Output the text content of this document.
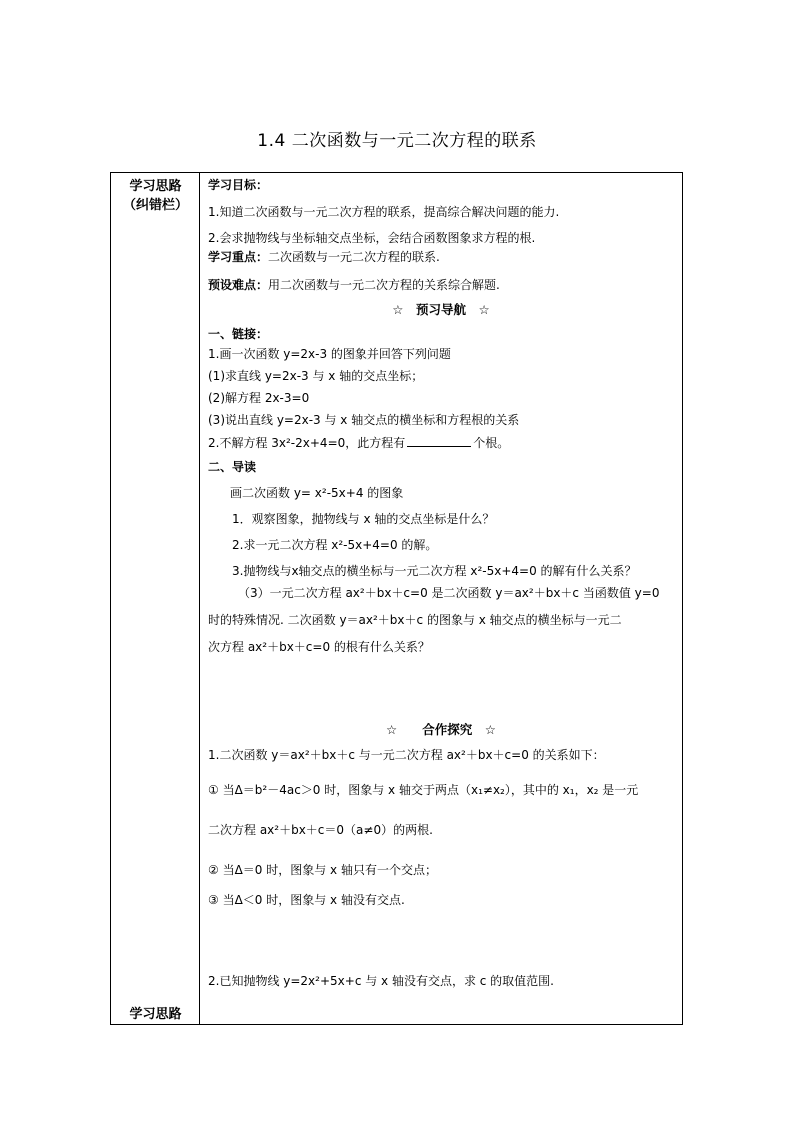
1.4 二次函数与一元二次方程的联系
学习思路
（纠错栏）
学习思路
学习目标：
1.知道二次函数与一元二次方程的联系，提高综合解决问题的能力.
2.会求抛物线与坐标轴交点坐标，会结合函数图象求方程的根.
学习重点：二次函数与一元二次方程的联系.
预设难点：用二次函数与一元二次方程的关系综合解题.
☆　预习导航　☆
一、链接：
1.画一次函数 y=2x-3 的图象并回答下列问题
(1)求直线 y=2x-3 与 x 轴的交点坐标；
(2)解方程 2x-3=0
(3)说出直线 y=2x-3 与 x 轴交点的横坐标和方程根的关系
2.不解方程 3x²-2x+4=0，此方程有	个根。
二、导读
画二次函数 y= x²-5x+4 的图象
1．观察图象，抛物线与 x 轴的交点坐标是什么？
2.求一元二次方程 x²-5x+4=0 的解。
3.抛物线与x轴交点的横坐标与一元二次方程 x²-5x+4=0 的解有什么关系？
（3）一元二次方程 ax²＋bx＋c=0 是二次函数 y＝ax²＋bx＋c 当函数值 y=0
时的特殊情况. 二次函数 y＝ax²＋bx＋c 的图象与 x 轴交点的横坐标与一元二
次方程 ax²＋bx＋c=0 的根有什么关系？
☆　　合作探究　☆
1.二次函数 y＝ax²＋bx＋c 与一元二次方程 ax²＋bx＋c=0 的关系如下：
① 当Δ＝b²－4ac＞0 时，图象与 x 轴交于两点（x₁≠x₂），其中的 x₁，x₂ 是一元
二次方程 ax²＋bx＋c＝0（a≠0）的两根.
② 当Δ＝0 时，图象与 x 轴只有一个交点；
③ 当Δ＜0 时，图象与 x 轴没有交点.
2.已知抛物线 y=2x²+5x+c 与 x 轴没有交点，求 c 的取值范围.
